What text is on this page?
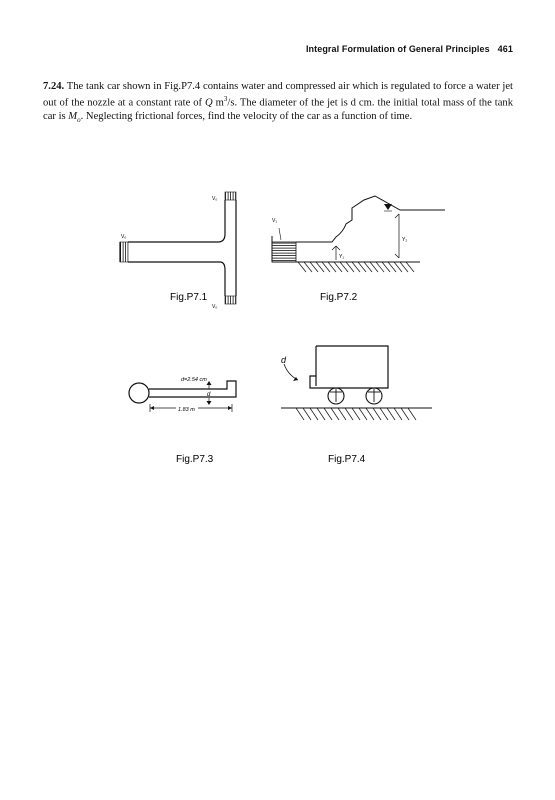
Integral Formulation of General Principles 461

7.24. The tank car shown in Fig.P7.4 contains water and compressed air which is regulated to force a water jet out of the nozzle at a constant rate of Q $m^3/s$. The diameter of the jet is d cm. the initial total mass of the tank car is $M_o$. Neglecting frictional forces, find the velocity of the car as a function of time.

Vₒ
Vₒ
Vₒ
Fig.P7.1
V₁
Y₁
Y₂
Fig.P7.2
d=2.54 cm
d
1.83 m
Fig.P7.3
d
Fig.P7.4
